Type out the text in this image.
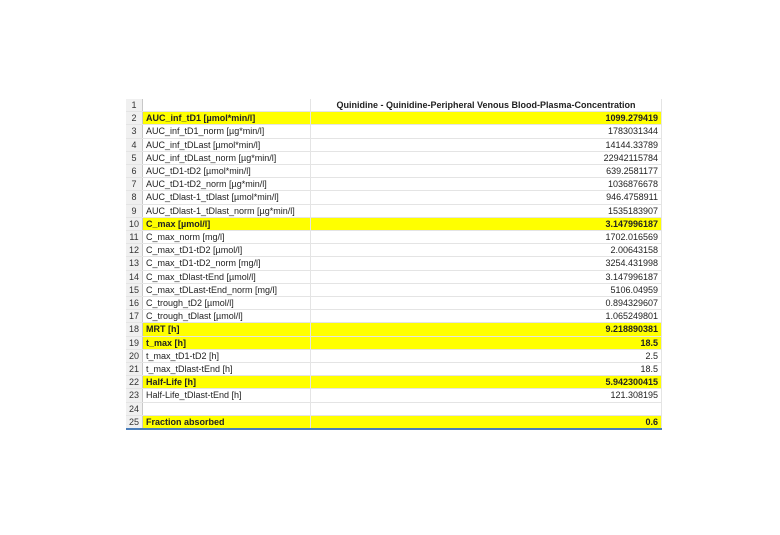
1		Quinidine - Quinidine-Peripheral Venous Blood-Plasma-Concentration
2	AUC_inf_tD1 [µmol*min/l]	1099.279419
3	AUC_inf_tD1_norm [µg*min/l]	1783031344
4	AUC_inf_tDLast [µmol*min/l]	14144.33789
5	AUC_inf_tDLast_norm [µg*min/l]	22942115784
6	AUC_tD1-tD2 [µmol*min/l]	639.2581177
7	AUC_tD1-tD2_norm [µg*min/l]	1036876678
8	AUC_tDlast-1_tDlast [µmol*min/l]	946.4758911
9	AUC_tDlast-1_tDlast_norm [µg*min/l]	1535183907
10	C_max [µmol/l]	3.147996187
11	C_max_norm [mg/l]	1702.016569
12	C_max_tD1-tD2 [µmol/l]	2.00643158
13	C_max_tD1-tD2_norm [mg/l]	3254.431998
14	C_max_tDlast-tEnd [µmol/l]	3.147996187
15	C_max_tDLast-tEnd_norm [mg/l]	5106.04959
16	C_trough_tD2 [µmol/l]	0.894329607
17	C_trough_tDlast [µmol/l]	1.065249801
18	MRT [h]	9.218890381
19	t_max [h]	18.5
20	t_max_tD1-tD2 [h]	2.5
21	t_max_tDlast-tEnd [h]	18.5
22	Half-Life [h]	5.942300415
23	Half-Life_tDlast-tEnd [h]	121.308195
24		
25	Fraction absorbed	0.6
